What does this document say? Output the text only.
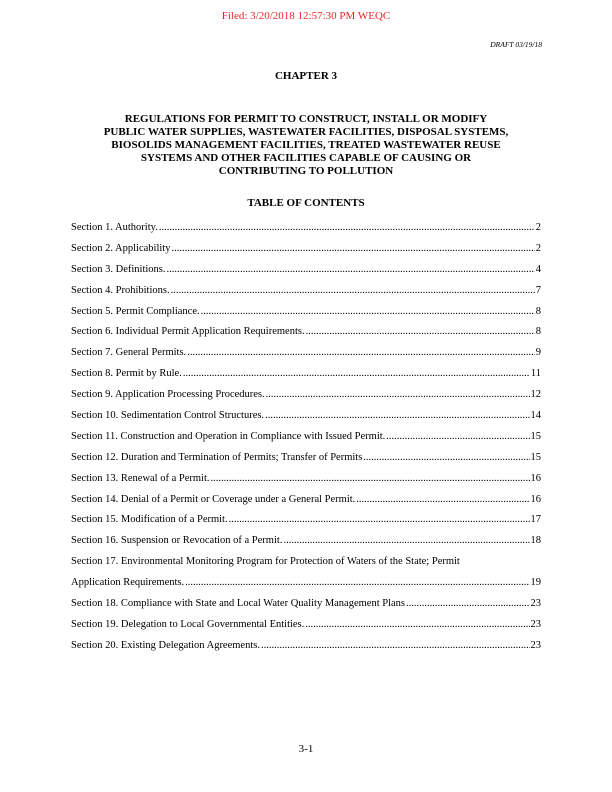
Filed: 3/20/2018 12:57:30 PM WEQC
DRAFT 03/19/18
CHAPTER 3
REGULATIONS FOR PERMIT TO CONSTRUCT, INSTALL OR MODIFY
PUBLIC WATER SUPPLIES, WASTEWATER FACILITIES, DISPOSAL SYSTEMS,
BIOSOLIDS MANAGEMENT FACILITIES, TREATED WASTEWATER REUSE
SYSTEMS AND OTHER FACILITIES CAPABLE OF CAUSING OR
CONTRIBUTING TO POLLUTION
TABLE OF CONTENTS
Section 1. Authority. .....	2
Section 2. Applicability .....	2
Section 3. Definitions. .....	4
Section 4. Prohibitions. .....	7
Section 5. Permit Compliance. .....	8
Section 6. Individual Permit Application Requirements. .....	8
Section 7. General Permits. .....	9
Section 8. Permit by Rule. .....	11
Section 9. Application Processing Procedures. .....	12
Section 10. Sedimentation Control Structures. .....	14
Section 11. Construction and Operation in Compliance with Issued Permit. .....	15
Section 12. Duration and Termination of Permits; Transfer of Permits .....	15
Section 13. Renewal of a Permit. .....	16
Section 14. Denial of a Permit or Coverage under a General Permit. .....	16
Section 15. Modification of a Permit. .....	17
Section 16. Suspension or Revocation of a Permit. .....	18
Section 17. Environmental Monitoring Program for Protection of Waters of the State; Permit
Application Requirements. .....	19
Section 18. Compliance with State and Local Water Quality Management Plans .....	23
Section 19. Delegation to Local Governmental Entities. .....	23
Section 20. Existing Delegation Agreements. .....	23
3-1
